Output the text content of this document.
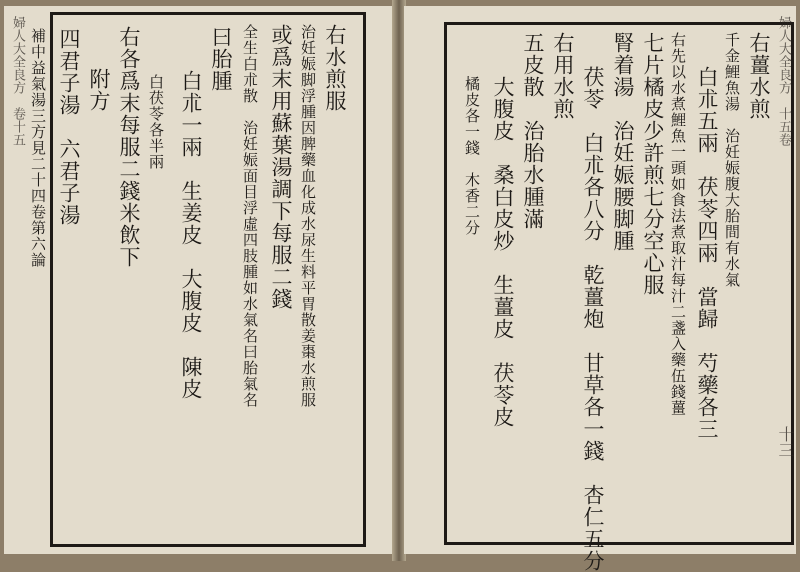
婦人大全良方　卷十五	右水煎服
治妊娠脚浮腫因脾藥血化成水尿生料平胃散姜棗水煎服
或爲末用蘇葉湯調下每服二錢
全生白朮散　治妊娠面目浮虛四肢腫如水氣名曰胎氣名
曰胎腫
白朮一兩　生姜皮　大腹皮　陳皮
白茯苓各半兩
右各爲末每服二錢米飲下
附方
四君子湯　六君子湯
補中益氣湯三方見二十四卷第六論	婦人大全良方　十五卷
十三
右薑水煎
千金鯉魚湯　治妊娠腹大胎間有水氣
白朮五兩　茯苓四兩　當歸　芍藥各三
右先以水煮鯉魚一頭如食法煮取汁每汁二盞入藥伍錢薑
七片橘皮少許煎七分空心服
腎着湯　治妊娠腰脚腫
茯苓　白朮各八分　乾薑炮　甘草各一錢　杏仁五分
右用水煎
五皮散　治胎水腫滿
大腹皮　桑白皮炒　生薑皮　茯苓皮
橘皮各一錢　木香二分
